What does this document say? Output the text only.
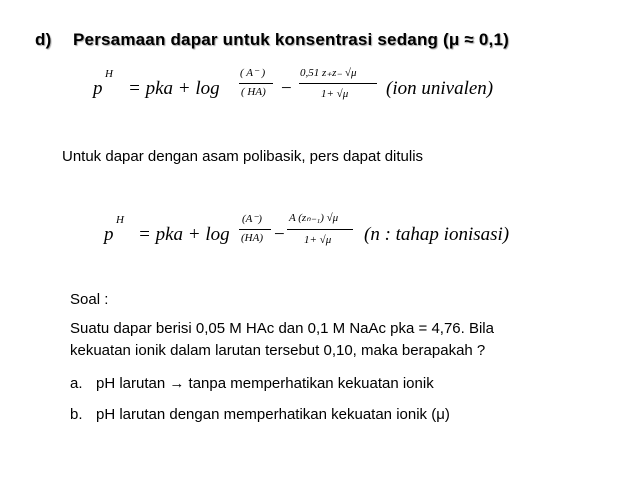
d) Persamaan dapar untuk konsentrasi sedang (μ ≈ 0,1)
p
H
= pka + log
( A⁻ )
( HA) −
0,51 z₊z₋ √μ
1+ √μ (ion univalen)
Untuk dapar dengan asam polibasik, pers dapat ditulis
p
H
= pka + log
(A⁻)
(HA) −
A (zₙ₋₁) √μ
1+ √μ (n : tahap ionisasi)
Soal :
Suatu dapar berisi 0,05 M HAc dan 0,1 M NaAc pka = 4,76. Bila
kekuatan ionik dalam larutan tersebut 0,10, maka berapakah ?
a. pH larutan → tanpa memperhatikan kekuatan ionik
b. pH larutan dengan memperhatikan kekuatan ionik (μ)
